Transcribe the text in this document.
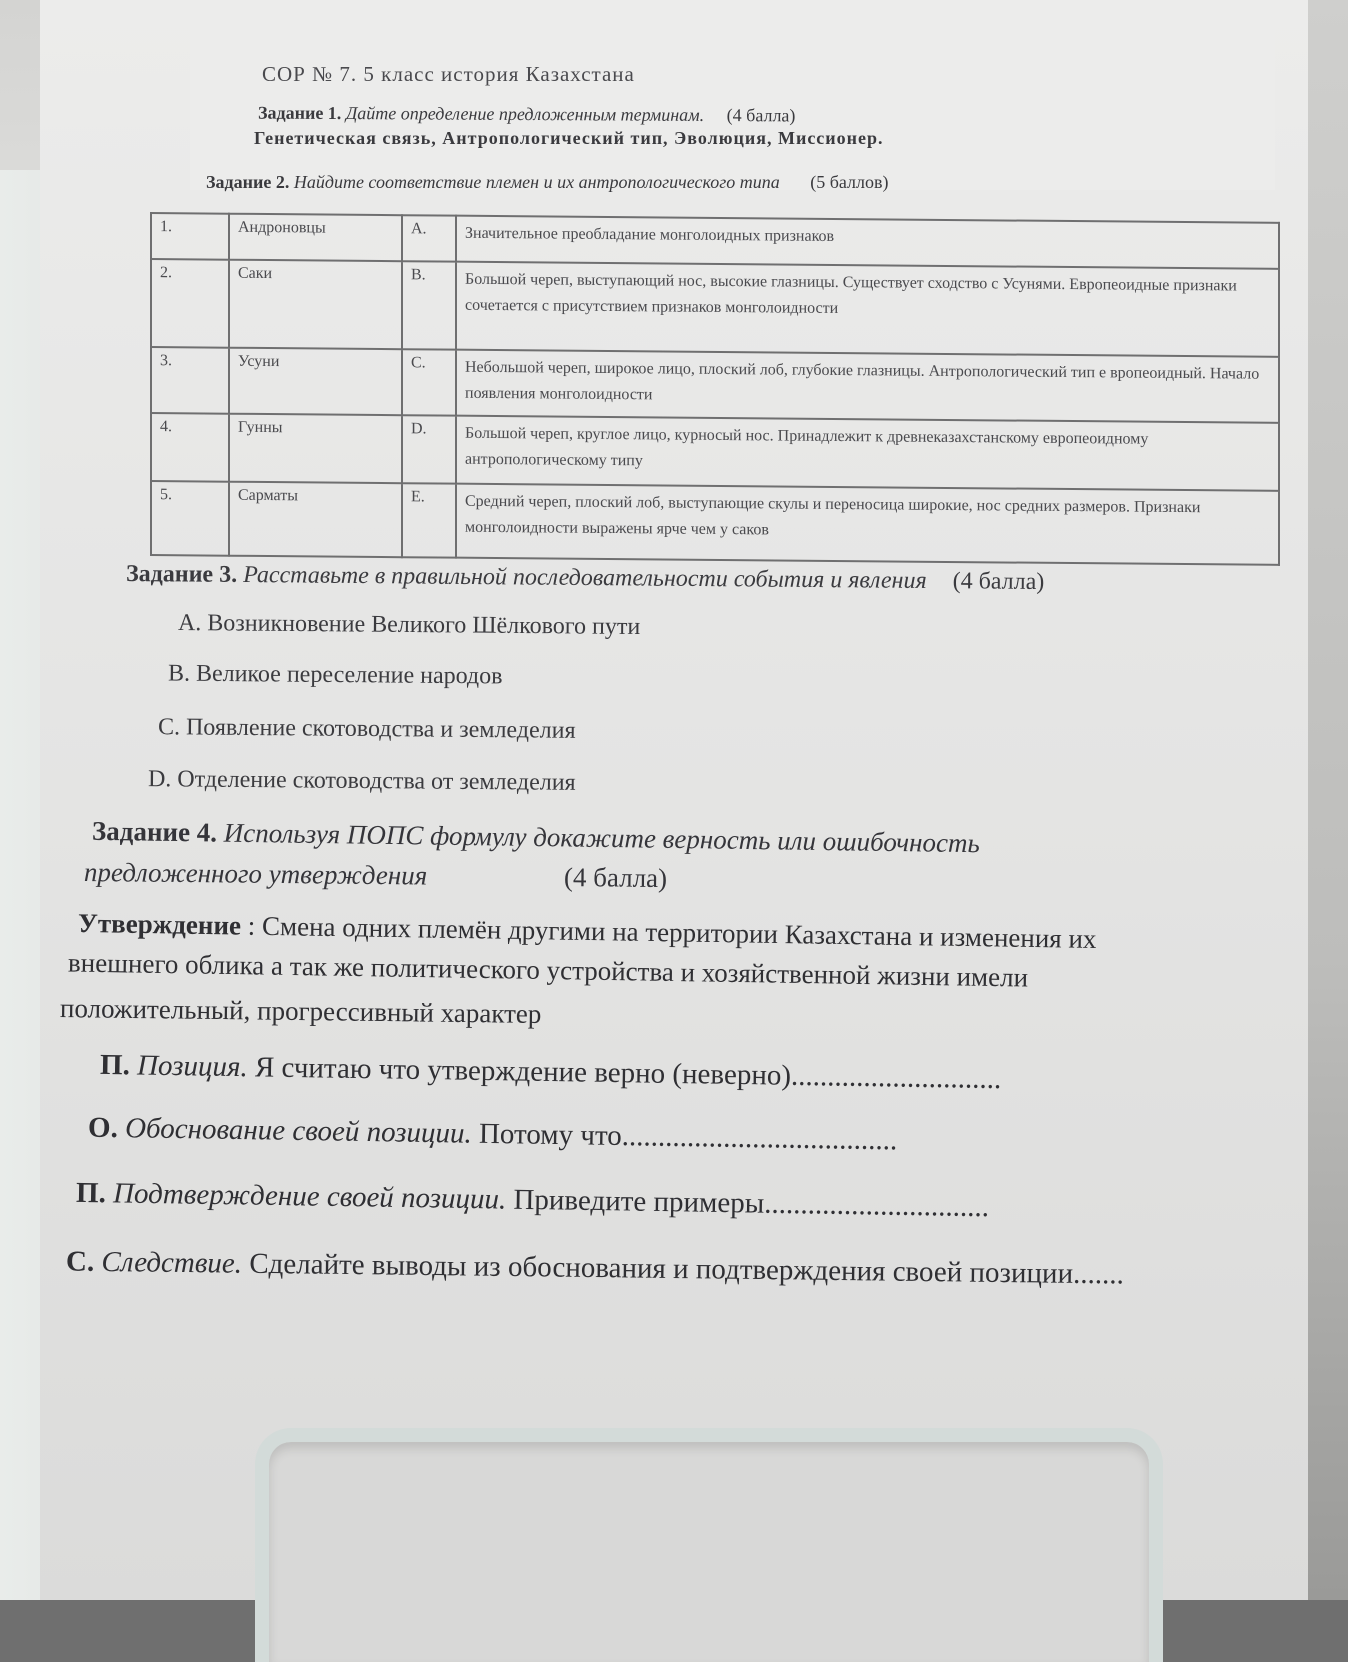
СОР № 7. 5 класс история Казахстана
Задание 1. Дайте определение предложенным терминам. (4 балла)
Генетическая связь, Антропологический тип, Эволюция, Миссионер.
Задание 2. Найдите соответствие племен и их антропологического типа (5 баллов)
1.	Андроновцы	A.	Значительное преобладание монголоидных признаков
2.	Саки	B.	Большой череп, выступающий нос, высокие глазницы. Существует сходство с Усунями. Европеоидные признаки сочетается с присутствием признаков монголоидности
3.	Усуни	C.	Небольшой череп, широкое лицо, плоский лоб, глубокие глазницы. Антропологический тип е вропеоидный. Начало появления монголоидности
4.	Гунны	D.	Большой череп, круглое лицо, курносый нос. Принадлежит к древнеказахстанскому европеоидному антропологическому типу
5.	Сарматы	E.	Средний череп, плоский лоб, выступающие скулы и переносица широкие, нос средних размеров. Признаки монголоидности выражены ярче чем у саков
Задание 3. Расставьте в правильной последовательности события и явления (4 балла)
A. Возникновение Великого Шёлкового пути
B. Великое переселение народов
C. Появление скотоводства и земледелия
D. Отделение скотоводства от земледелия
Задание 4. Используя ПОПС формулу докажите верность или ошибочность
предложенного утверждения	(4 балла)
Утверждение : Смена одних племён другими на территории Казахстана и изменения их
внешнего облика а так же политического устройства и хозяйственной жизни имели
положительный, прогрессивный характер
П. Позиция. Я считаю что утверждение верно (неверно).............................
О. Обоснование своей позиции. Потому что......................................
П. Подтверждение своей позиции. Приведите примеры...............................
С. Следствие. Сделайте выводы из обоснования и подтверждения своей позиции.......
